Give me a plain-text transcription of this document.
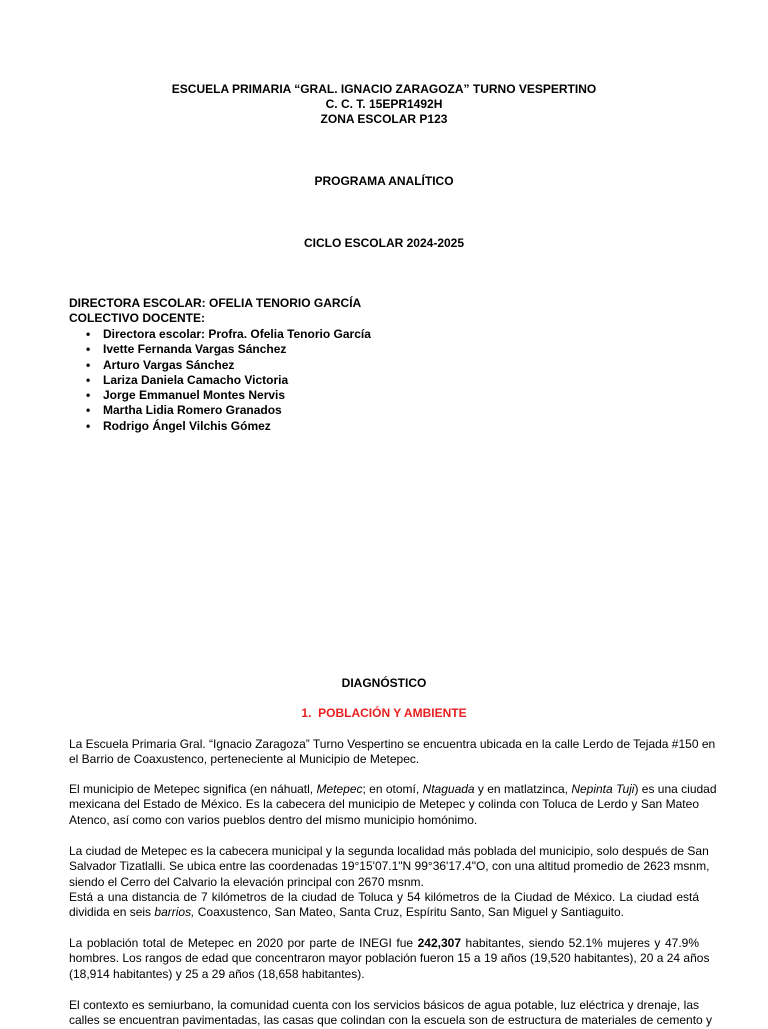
ESCUELA PRIMARIA “GRAL. IGNACIO ZARAGOZA” TURNO VESPERTINO
C. C. T. 15EPR1492H
ZONA ESCOLAR P123
PROGRAMA ANALÍTICO
CICLO ESCOLAR 2024-2025
DIRECTORA ESCOLAR: OFELIA TENORIO GARCÍA
COLECTIVO DOCENTE:
• Directora escolar: Profra. Ofelia Tenorio García
• Ivette Fernanda Vargas Sánchez
• Arturo Vargas Sánchez
• Lariza Daniela Camacho Victoria
• Jorge Emmanuel Montes Nervis
• Martha Lidia Romero Granados
• Rodrigo Ángel Vilchis Gómez
DIAGNÓSTICO
1. POBLACIÓN Y AMBIENTE
La Escuela Primaria Gral. “Ignacio Zaragoza” Turno Vespertino se encuentra ubicada en la calle Lerdo de Tejada #150 en
el Barrio de Coaxustenco, perteneciente al Municipio de Metepec.
El municipio de Metepec significa (en náhuatl, Metepec; en otomí, Ntaguada y en matlatzinca, Nepinta Tuji) es una ciudad
mexicana del Estado de México. Es la cabecera del municipio de Metepec y colinda con Toluca de Lerdo y San Mateo
Atenco, así como con varios pueblos dentro del mismo municipio homónimo.
La ciudad de Metepec es la cabecera municipal y la segunda localidad más poblada del municipio, solo después de San
Salvador Tizatlalli. Se ubica entre las coordenadas 19°15'07.1"N 99°36'17.4"O, con una altitud promedio de 2623 msnm,
siendo el Cerro del Calvario la elevación principal con 2670 msnm.
Está a una distancia de 7 kilómetros de la ciudad de Toluca y 54 kilómetros de la Ciudad de México. La ciudad está
dividida en seis barrios, Coaxustenco, San Mateo, Santa Cruz, Espíritu Santo, San Miguel y Santiaguito.
La población total de Metepec en 2020 por parte de INEGI fue 242,307 habitantes, siendo 52.1% mujeres y 47.9%
hombres. Los rangos de edad que concentraron mayor población fueron 15 a 19 años (19,520 habitantes), 20 a 24 años
(18,914 habitantes) y 25 a 29 años (18,658 habitantes).
El contexto es semiurbano, la comunidad cuenta con los servicios básicos de agua potable, luz eléctrica y drenaje, las
calles se encuentran pavimentadas, las casas que colindan con la escuela son de estructura de materiales de cemento y
